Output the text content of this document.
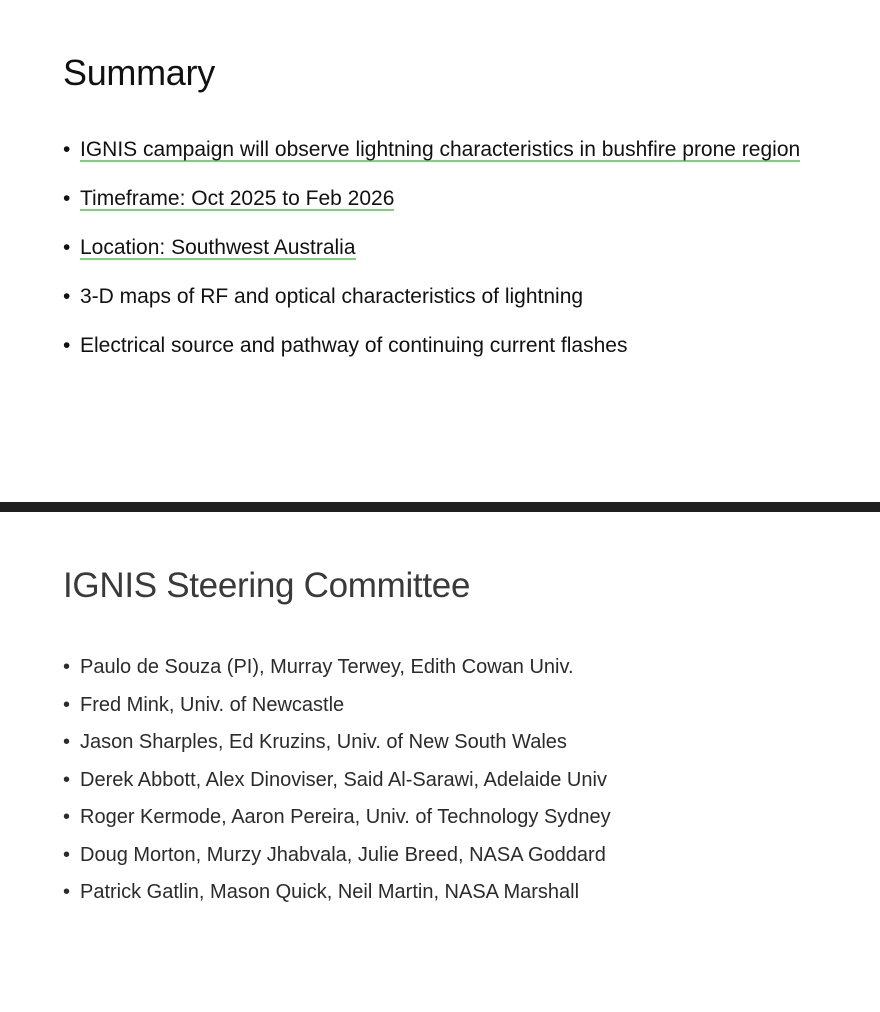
Summary
• IGNIS campaign will observe lightning characteristics in bushfire prone region
• Timeframe: Oct 2025 to Feb 2026
• Location: Southwest Australia
• 3-D maps of RF and optical characteristics of lightning
• Electrical source and pathway of continuing current flashes
IGNIS Steering Committee
• Paulo de Souza (PI), Murray Terwey, Edith Cowan Univ.
• Fred Mink, Univ. of Newcastle
• Jason Sharples, Ed Kruzins, Univ. of New South Wales
• Derek Abbott, Alex Dinoviser, Said Al-Sarawi, Adelaide Univ
• Roger Kermode, Aaron Pereira, Univ. of Technology Sydney
• Doug Morton, Murzy Jhabvala, Julie Breed, NASA Goddard
• Patrick Gatlin, Mason Quick, Neil Martin, NASA Marshall
